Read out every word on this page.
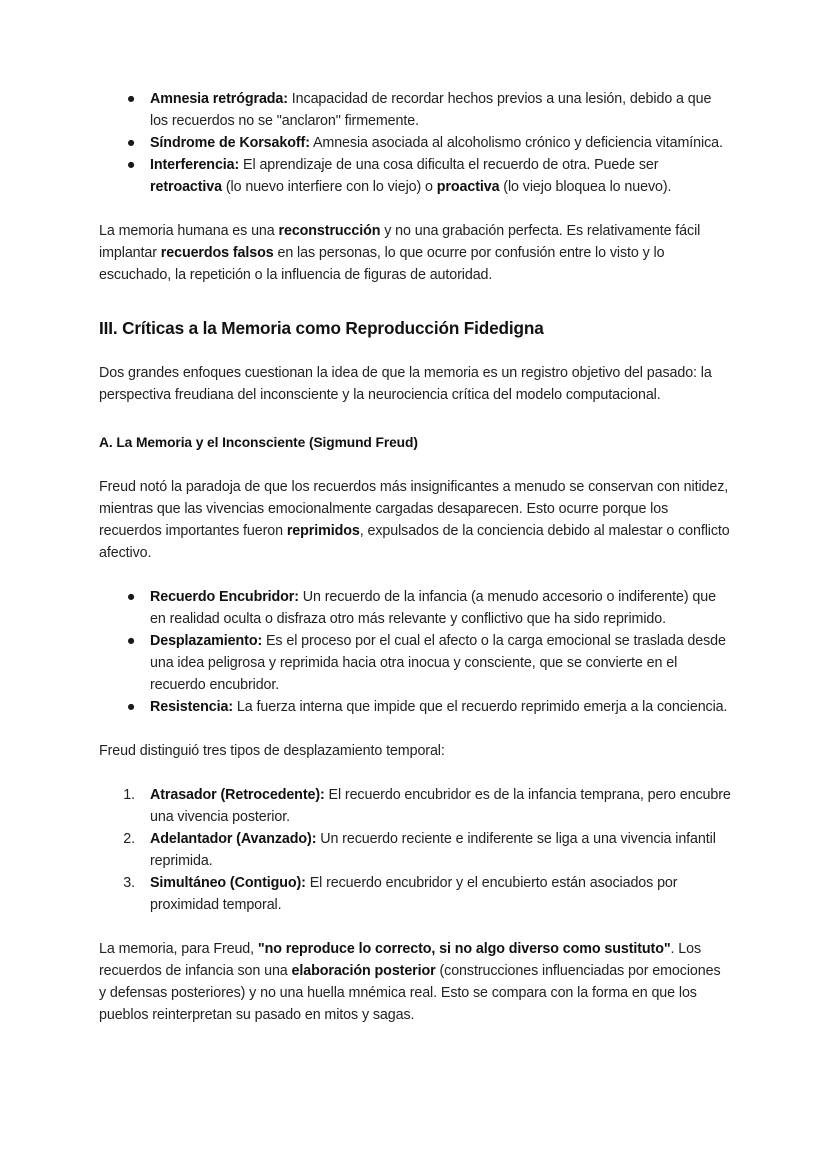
● Amnesia retrógrada: Incapacidad de recordar hechos previos a una lesión, debido a que los recuerdos no se "anclaron" firmemente.
● Síndrome de Korsakoff: Amnesia asociada al alcoholismo crónico y deficiencia vitamínica.
● Interferencia: El aprendizaje de una cosa dificulta el recuerdo de otra. Puede ser retroactiva (lo nuevo interfiere con lo viejo) o proactiva (lo viejo bloquea lo nuevo).

La memoria humana es una reconstrucción y no una grabación perfecta. Es relativamente fácil implantar recuerdos falsos en las personas, lo que ocurre por confusión entre lo visto y lo escuchado, la repetición o la influencia de figuras de autoridad.

III. Críticas a la Memoria como Reproducción Fidedigna

Dos grandes enfoques cuestionan la idea de que la memoria es un registro objetivo del pasado: la perspectiva freudiana del inconsciente y la neurociencia crítica del modelo computacional.

A. La Memoria y el Inconsciente (Sigmund Freud)

Freud notó la paradoja de que los recuerdos más insignificantes a menudo se conservan con nitidez, mientras que las vivencias emocionalmente cargadas desaparecen. Esto ocurre porque los recuerdos importantes fueron reprimidos, expulsados de la conciencia debido al malestar o conflicto afectivo.

● Recuerdo Encubridor: Un recuerdo de la infancia (a menudo accesorio o indiferente) que en realidad oculta o disfraza otro más relevante y conflictivo que ha sido reprimido.
● Desplazamiento: Es el proceso por el cual el afecto o la carga emocional se traslada desde una idea peligrosa y reprimida hacia otra inocua y consciente, que se convierte en el recuerdo encubridor.
● Resistencia: La fuerza interna que impide que el recuerdo reprimido emerja a la conciencia.

Freud distinguió tres tipos de desplazamiento temporal:

1. Atrasador (Retrocedente): El recuerdo encubridor es de la infancia temprana, pero encubre una vivencia posterior.
2. Adelantador (Avanzado): Un recuerdo reciente e indiferente se liga a una vivencia infantil reprimida.
3. Simultáneo (Contiguo): El recuerdo encubridor y el encubierto están asociados por proximidad temporal.

La memoria, para Freud, "no reproduce lo correcto, si no algo diverso como sustituto". Los recuerdos de infancia son una elaboración posterior (construcciones influenciadas por emociones y defensas posteriores) y no una huella mnémica real. Esto se compara con la forma en que los pueblos reinterpretan su pasado en mitos y sagas.
